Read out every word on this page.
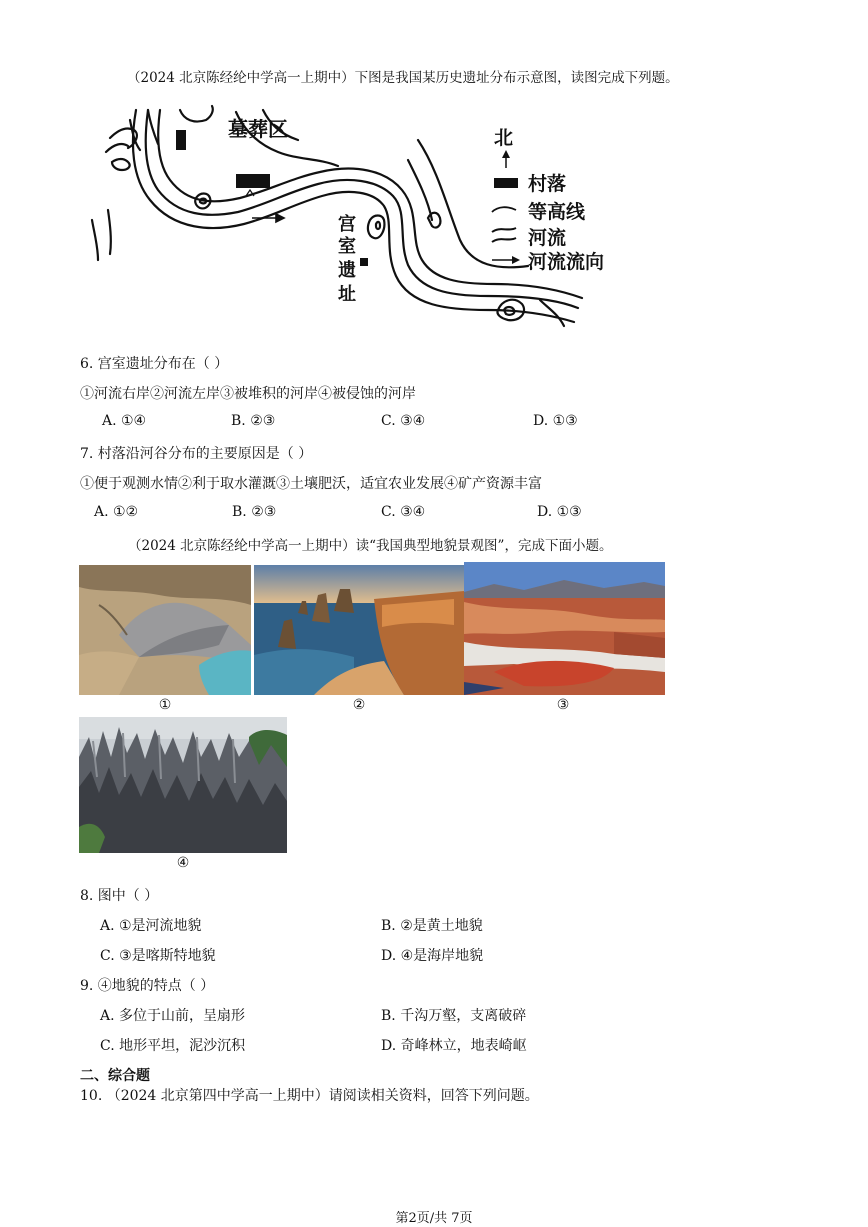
（2024 北京陈经纶中学高一上期中）下图是我国某历史遗址分布示意图，读图完成下列题。
墓葬区
宫
室
遗
址
北
村落
等高线
河流
河流流向
6. 宫室遗址分布在（ ）
①河流右岸②河流左岸③被堆积的河岸④被侵蚀的河岸
A. ①④	B. ②③	C. ③④	D. ①③
7. 村落沿河谷分布的主要原因是（ ）
①便于观测水情②利于取水灌溉③土壤肥沃，适宜农业发展④矿产资源丰富
A. ①②	B. ②③	C. ③④	D. ①③
（2024 北京陈经纶中学高一上期中）读“我国典型地貌景观图”，完成下面小题。
①	②	③
④
8. 图中（ ）
A. ①是河流地貌	B. ②是黄土地貌
C. ③是喀斯特地貌	D. ④是海岸地貌
9. ④地貌的特点（ ）
A. 多位于山前，呈扇形	B. 千沟万壑，支离破碎
C. 地形平坦，泥沙沉积	D. 奇峰林立，地表崎岖
二、综合题
10. （2024 北京第四中学高一上期中）请阅读相关资料，回答下列问题。
第2页/共 7页
